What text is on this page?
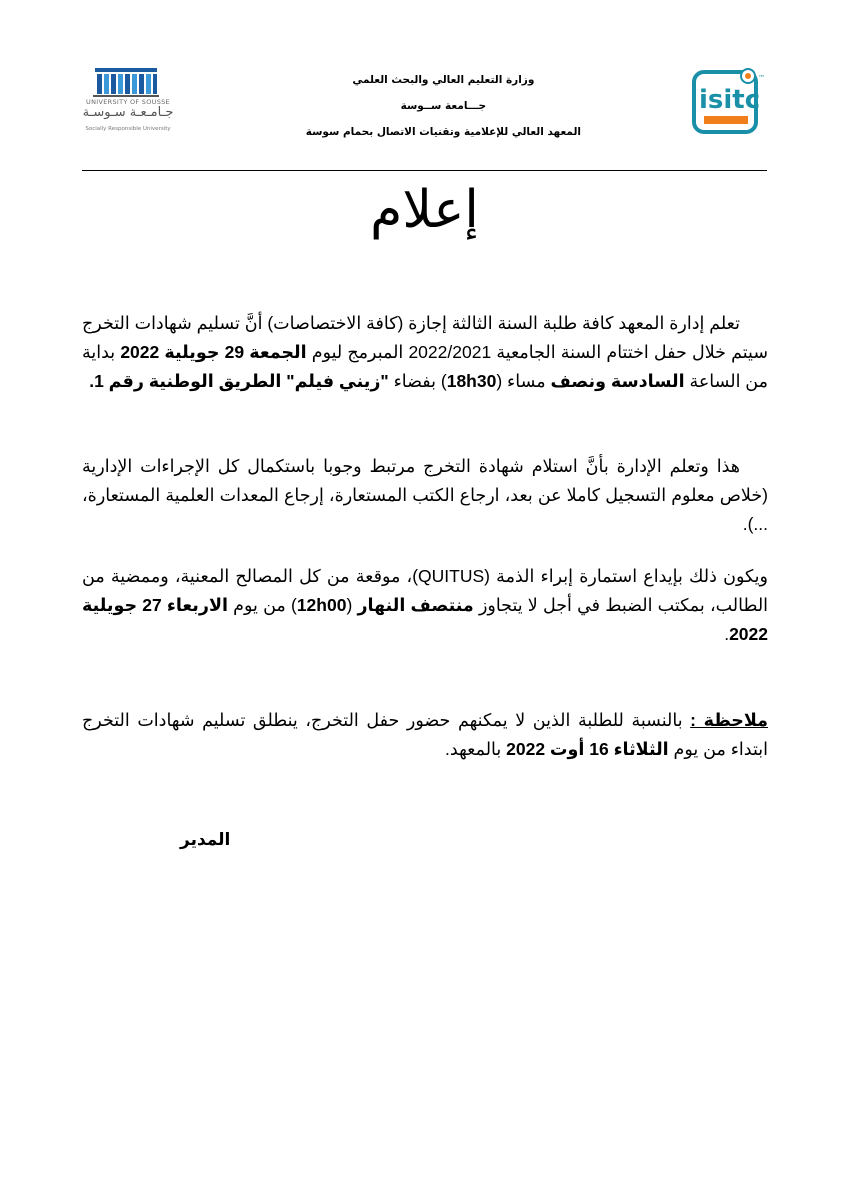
UNIVERSITY OF SOUSSE
جـامـعـة سـوسـة
Socially Responsible University
™
isitc
وزارة التعليم العالي والبحث العلمي
جـــامعة ســوسة
المعهد العالي للإعلامية وتقنيات الاتصال بحمام سوسة
إعلام

تعلم إدارة المعهد كافة طلبة السنة الثالثة إجازة (كافة الاختصاصات) أنَّ تسليم شهادات التخرج سيتم خلال حفل اختتام السنة الجامعية 2022/2021 المبرمج ليوم الجمعة 29 جويلية 2022 بداية من الساعة السادسة ونصف مساء (18h30) بفضاء "زيني فيلم" الطريق الوطنية رقم 1.

هذا وتعلم الإدارة بأنَّ استلام شهادة التخرج مرتبط وجوبا باستكمال كل الإجراءات الإدارية (خلاص معلوم التسجيل كاملا عن بعد، ارجاع الكتب المستعارة، إرجاع المعدات العلمية المستعارة، ...).

ويكون ذلك بإيداع استمارة إبراء الذمة (QUITUS)، موقعة من كل المصالح المعنية، وممضية من الطالب، بمكتب الضبط في أجل لا يتجاوز منتصف النهار (12h00) من يوم الاربعاء 27 جويلية 2022.

ملاحظة : بالنسبة للطلبة الذين لا يمكنهم حضور حفل التخرج، ينطلق تسليم شهادات التخرج ابتداء من يوم الثلاثاء 16 أوت 2022 بالمعهد.

المدير
